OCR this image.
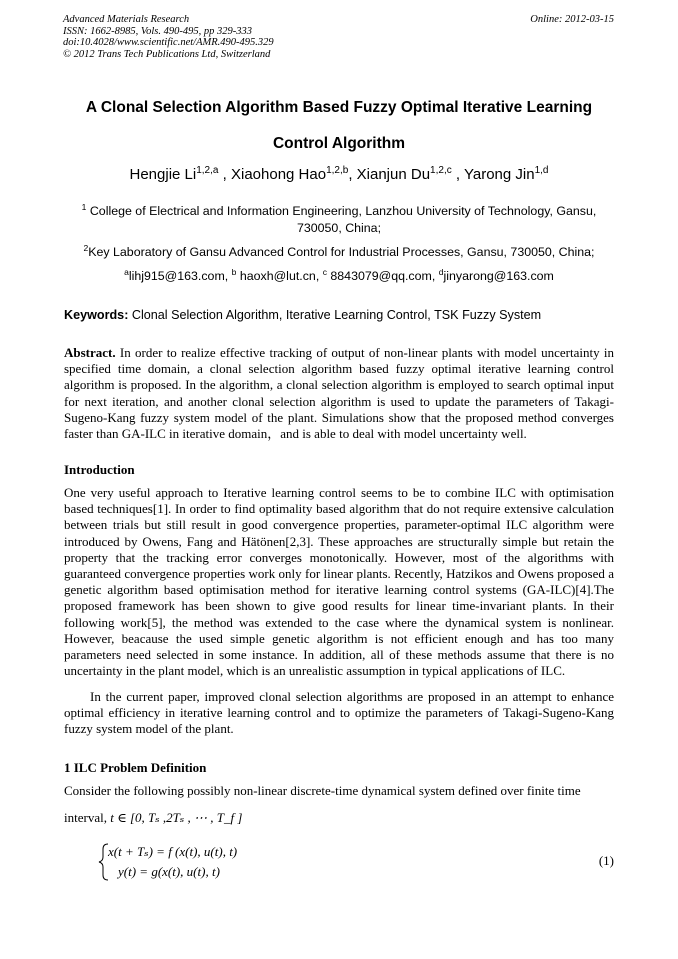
Advanced Materials Research
ISSN: 1662-8985, Vols. 490-495, pp 329-333
doi:10.4028/www.scientific.net/AMR.490-495.329
© 2012 Trans Tech Publications Ltd, Switzerland
Online: 2012-03-15
A Clonal Selection Algorithm Based Fuzzy Optimal Iterative Learning
Control Algorithm
Hengjie Li$^{1,2,a}$ , Xiaohong Hao$^{1,2,b}$, Xianjun Du$^{1,2,c}$ , Yarong Jin$^{1,d}$
$^1$ College of Electrical and Information Engineering, Lanzhou University of Technology, Gansu, 730050, China;
$^2$Key Laboratory of Gansu Advanced Control for Industrial Processes, Gansu, 730050, China;
$^a$lihj915@163.com, $^b$ haoxh@lut.cn, $^c$ 8843079@qq.com, $^d$jinyarong@163.com
Keywords: Clonal Selection Algorithm, Iterative Learning Control, TSK Fuzzy System
Abstract. In order to realize effective tracking of output of non-linear plants with model uncertainty in specified time domain, a clonal selection algorithm based fuzzy optimal iterative learning control algorithm is proposed. In the algorithm, a clonal selection algorithm is employed to search optimal input for next iteration, and another clonal selection algorithm is used to update the parameters of Takagi-Sugeno-Kang fuzzy system model of the plant. Simulations show that the proposed method converges faster than GA-ILC in iterative domain，and is able to deal with model uncertainty well.
Introduction
One very useful approach to Iterative learning control seems to be to combine ILC with optimisation based techniques[1]. In order to find optimality based algorithm that do not require extensive calculation between trials but still result in good convergence properties, parameter-optimal ILC algorithm were introduced by Owens, Fang and Hätönen[2,3]. These approaches are structurally simple but retain the property that the tracking error converges monotonically. However, most of the algorithms with guaranteed convergence properties work only for linear plants. Recently, Hatzikos and Owens proposed a genetic algorithm based optimisation method for iterative learning control systems (GA-ILC)[4].The proposed framework has been shown to give good results for linear time-invariant plants. In their following work[5], the method was extended to the case where the dynamical system is nonlinear. However, beacause the used simple genetic algorithm is not efficient enough and has too many parameters need selected in some instance. In addition, all of these methods assume that there is no uncertainty in the plant model, which is an unrealistic assumption in typical applications of ILC.
In the current paper, improved clonal selection algorithms are proposed in an attempt to enhance optimal efficiency in iterative learning control and to optimize the parameters of Takagi-Sugeno-Kang fuzzy system model of the plant.
1 ILC Problem Definition
Consider the following possibly non-linear discrete-time dynamical system defined over finite time
interval, t ∈ [0, Tₛ ,2Tₛ , ⋯ , T_f ]
x(t + Tₛ) = f (x(t), u(t), t)
y(t) = g(x(t), u(t), t)
(1)
